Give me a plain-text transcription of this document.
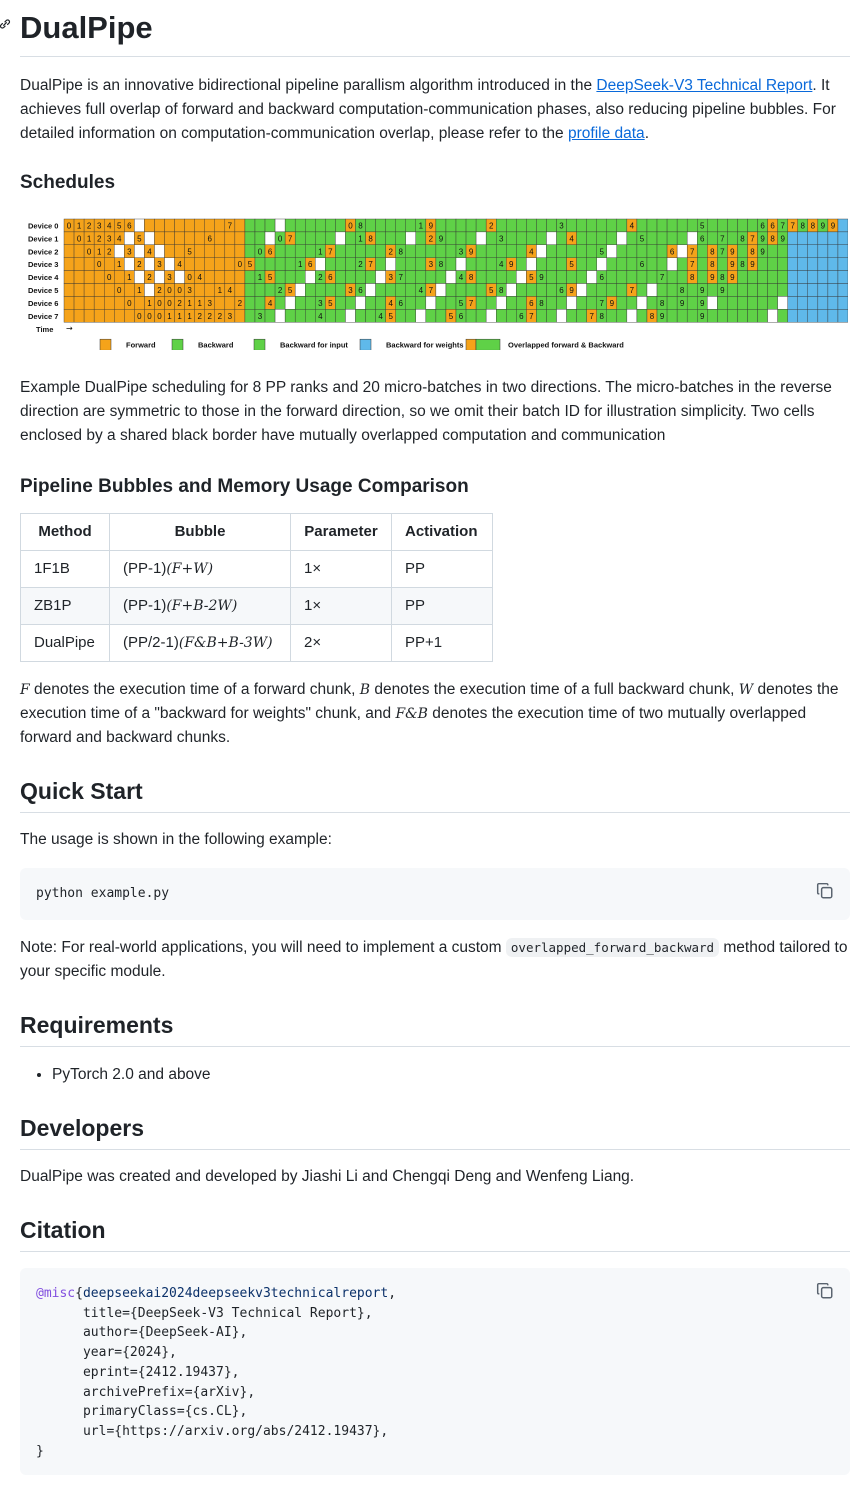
DualPipe

DualPipe is an innovative bidirectional pipeline parallism algorithm introduced in the DeepSeek-V3 Technical Report. It achieves full overlap of forward and backward computation-communication phases, also reducing pipeline bubbles. For detailed information on computation-communication overlap, please refer to the profile data.

Schedules
Device 0 0 1 2 3 4 5 6	7	0 8	1 9	2	3	4	5	6 6 7 7 8 8 9 9
Device 1 0 1 2 3 4 5	6	0 7	1 8	2 9	3	4	5	6 7 8 7 9 8 9
Device 2	0 1 2 3 4	5	0 6	1 7	2 8	3 9	4	5	6 7 8 7 9 8 9
Device 3	0 1 2 3 4	0 5	1 6	2 7	3 8	4 9	5	6	7 8 9 8 9
Device 4	0 1 2 3 0 4	1 5	2 6	3 7	4 8	5 9	6	7	8 9 8 9
Device 5	0 1 2 0 0 3	1 4	2 5	3 6	4 7	5 8	6 9	7	8 9 9
Device 6	0 1 0 0 2 1 1 3	2	4	3 5	4 6	5 7	6 8	7 9	8 9 9
Device 7	0 0 0 1 1 1 2 2 2 3	3	4	4 5	5 6	6 7	7 8	8 9	9
Time →
Forward	Backward	Backward for input	Backward for weights	Overlapped forward & Backward

Example DualPipe scheduling for 8 PP ranks and 20 micro-batches in two directions. The micro-batches in the reverse direction are symmetric to those in the forward direction, so we omit their batch ID for illustration simplicity. Two cells enclosed by a shared black border have mutually overlapped computation and communication

Pipeline Bubbles and Memory Usage Comparison
Method	Bubble	Parameter	Activation
1F1B	(PP-1)(F+W)	1×	PP
ZB1P	(PP-1)(F+B-2W)	1×	PP
DualPipe	(PP/2-1)(F&B+B-3W)	2×	PP+1

F denotes the execution time of a forward chunk, B denotes the execution time of a full backward chunk, W denotes the execution time of a "backward for weights" chunk, and F&B denotes the execution time of two mutually overlapped forward and backward chunks.

Quick Start

The usage is shown in the following example:

python example.py

Note: For real-world applications, you will need to implement a custom overlapped_forward_backward method tailored to your specific module.

Requirements
• PyTorch 2.0 and above
Developers

DualPipe was created and developed by Jiashi Li and Chengqi Deng and Wenfeng Liang.

Citation
@misc{deepseekai2024deepseekv3technicalreport,
title={DeepSeek-V3 Technical Report},
author={DeepSeek-AI},
year={2024},
eprint={2412.19437},
archivePrefix={arXiv},
primaryClass={cs.CL},
url={https://arxiv.org/abs/2412.19437},
}
